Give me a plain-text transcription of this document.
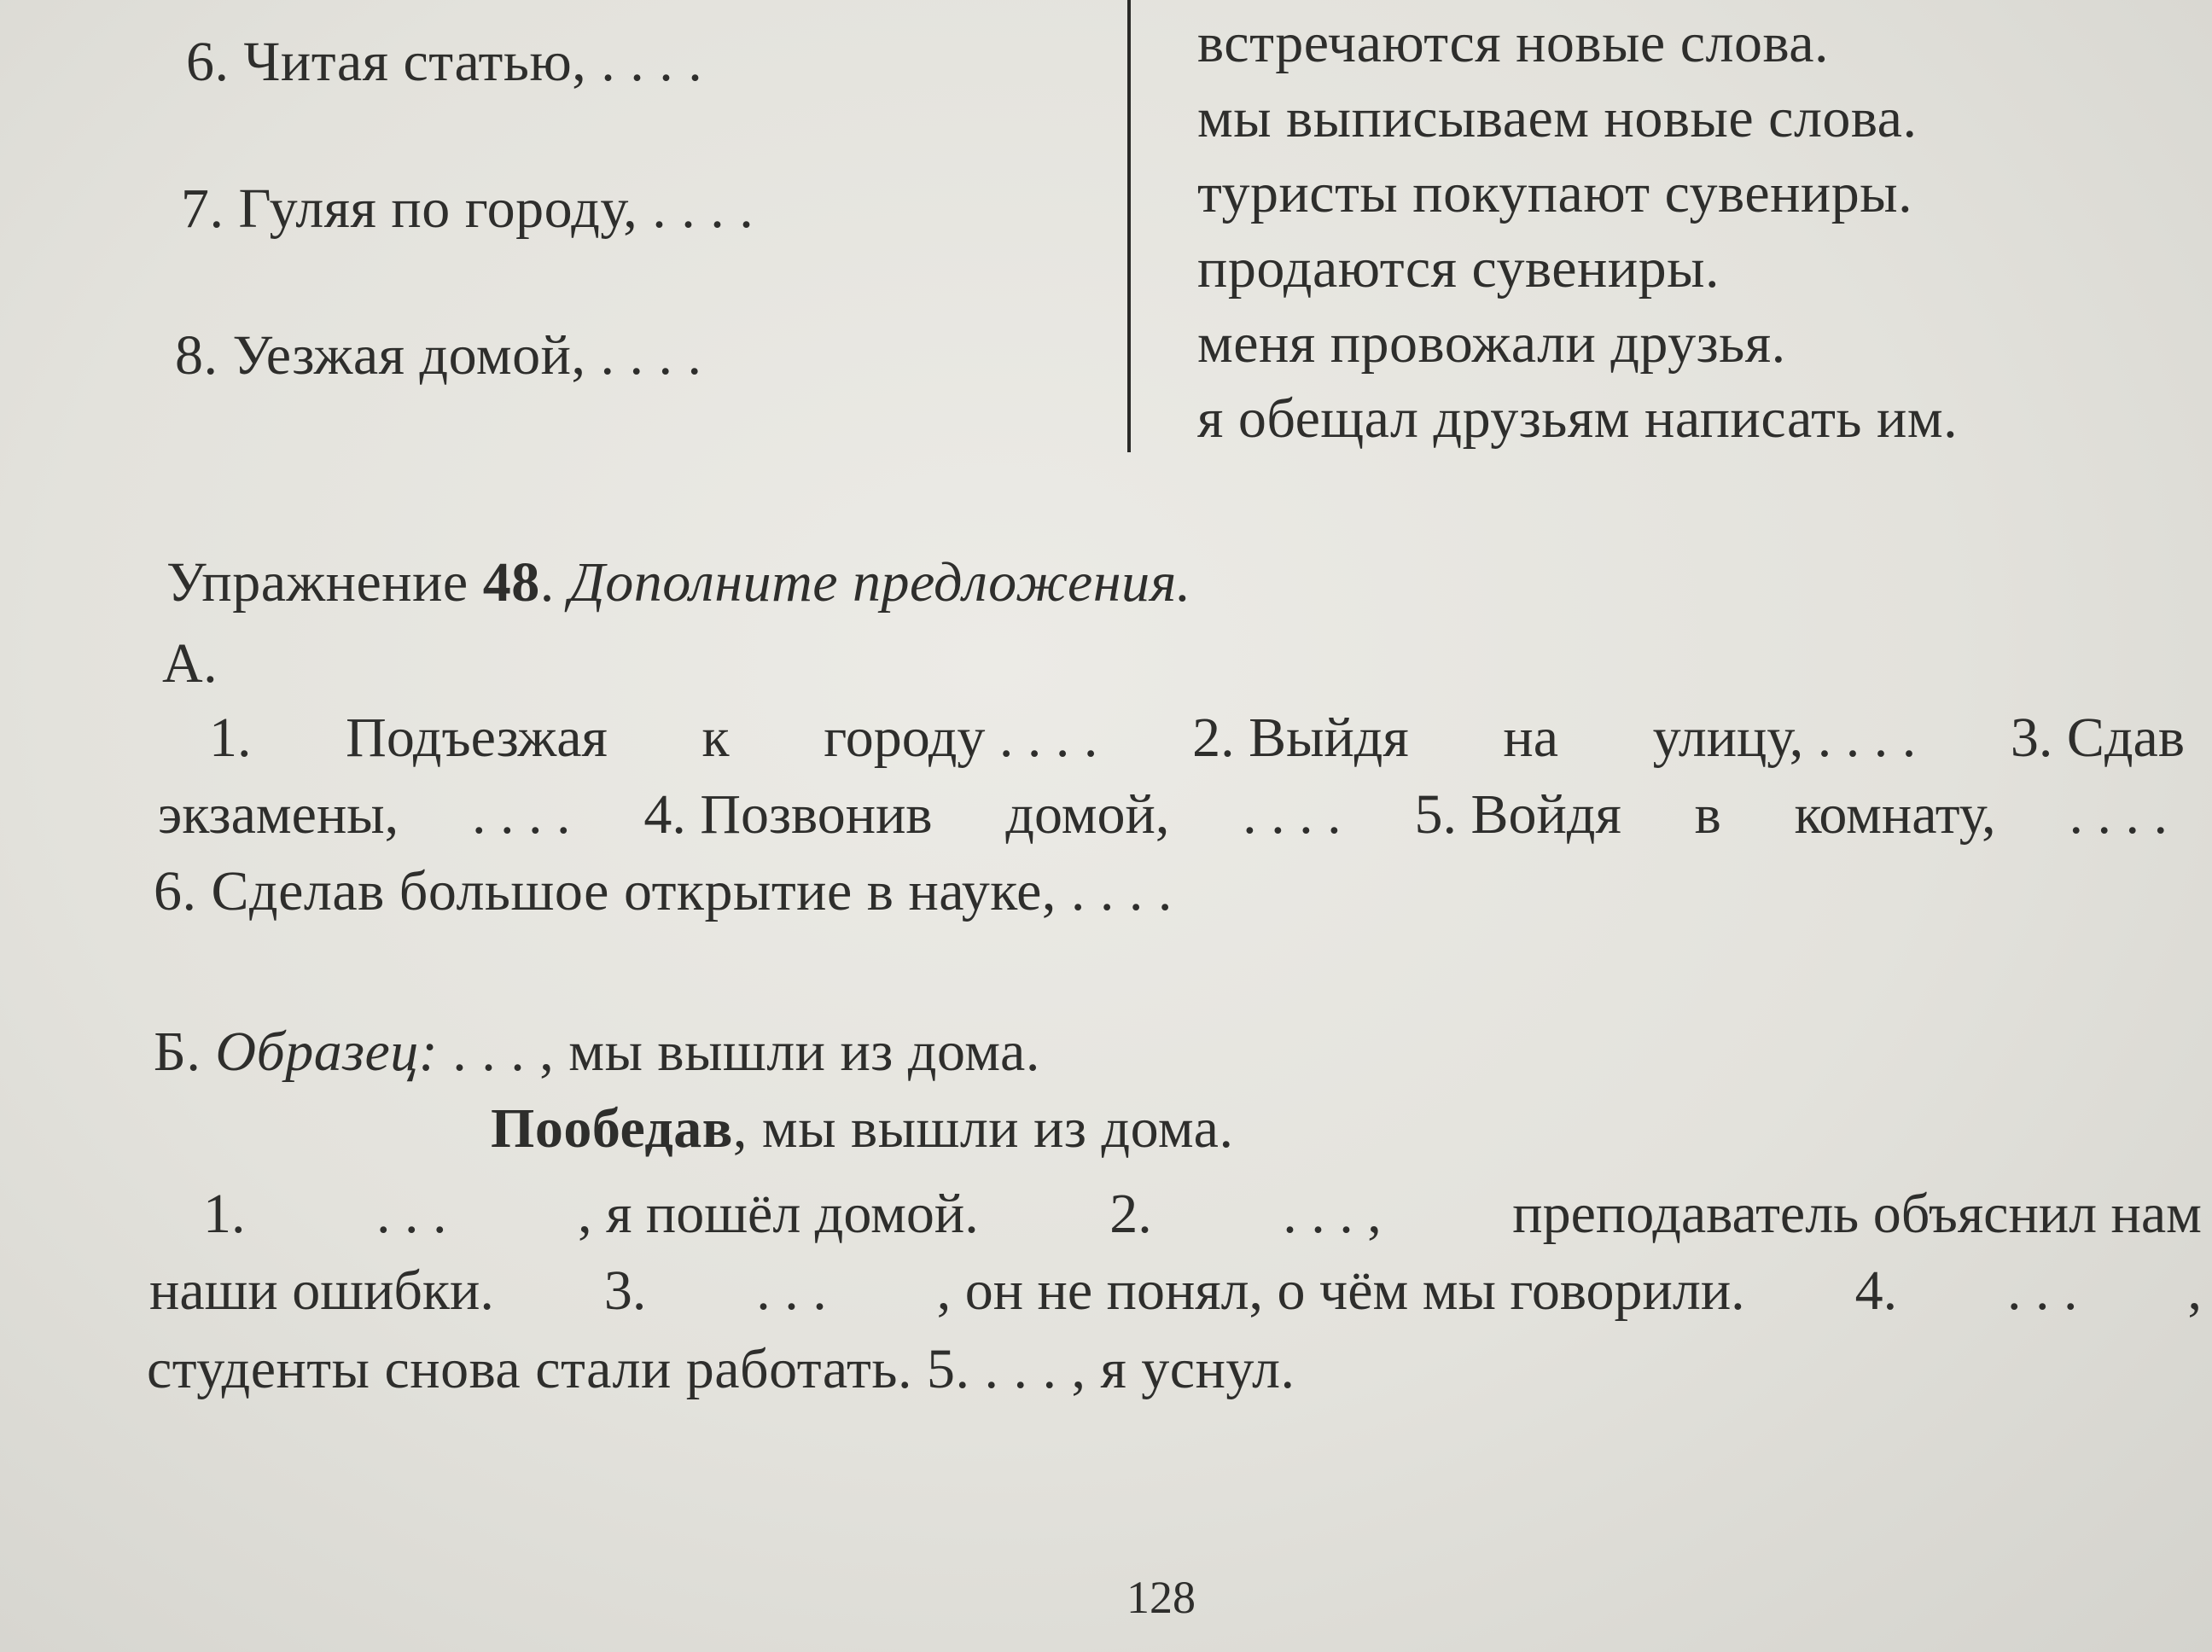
6. Читая статью, . . . .
7. Гуляя по городу, . . . .
8. Уезжая домой, . . . .
встречаются новые слова.
мы выписываем новые слова.
туристы покупают сувениры.
продаются сувениры.
меня провожали друзья.
я обещал друзьям написать им.
Упражнение 48. Дополните предложения.
А.
1. Подъезжая к городу . . . . 2. Выйдя на улицу, . . . . 3. Сдав
экзамены, . . . . 4. Позвонив домой, . . . . 5. Войдя в комнату, . . . .
6. Сделав большое открытие в науке, . . . .
Б. Образец: . . . , мы вышли из дома.
Пообедав, мы вышли из дома.
1. . . . , я пошёл домой. 2. . . . , преподаватель объяснил нам
наши ошибки. 3. . . . , он не понял, о чём мы говорили. 4. . . . ,
студенты снова стали работать. 5. . . . , я уснул.
128
